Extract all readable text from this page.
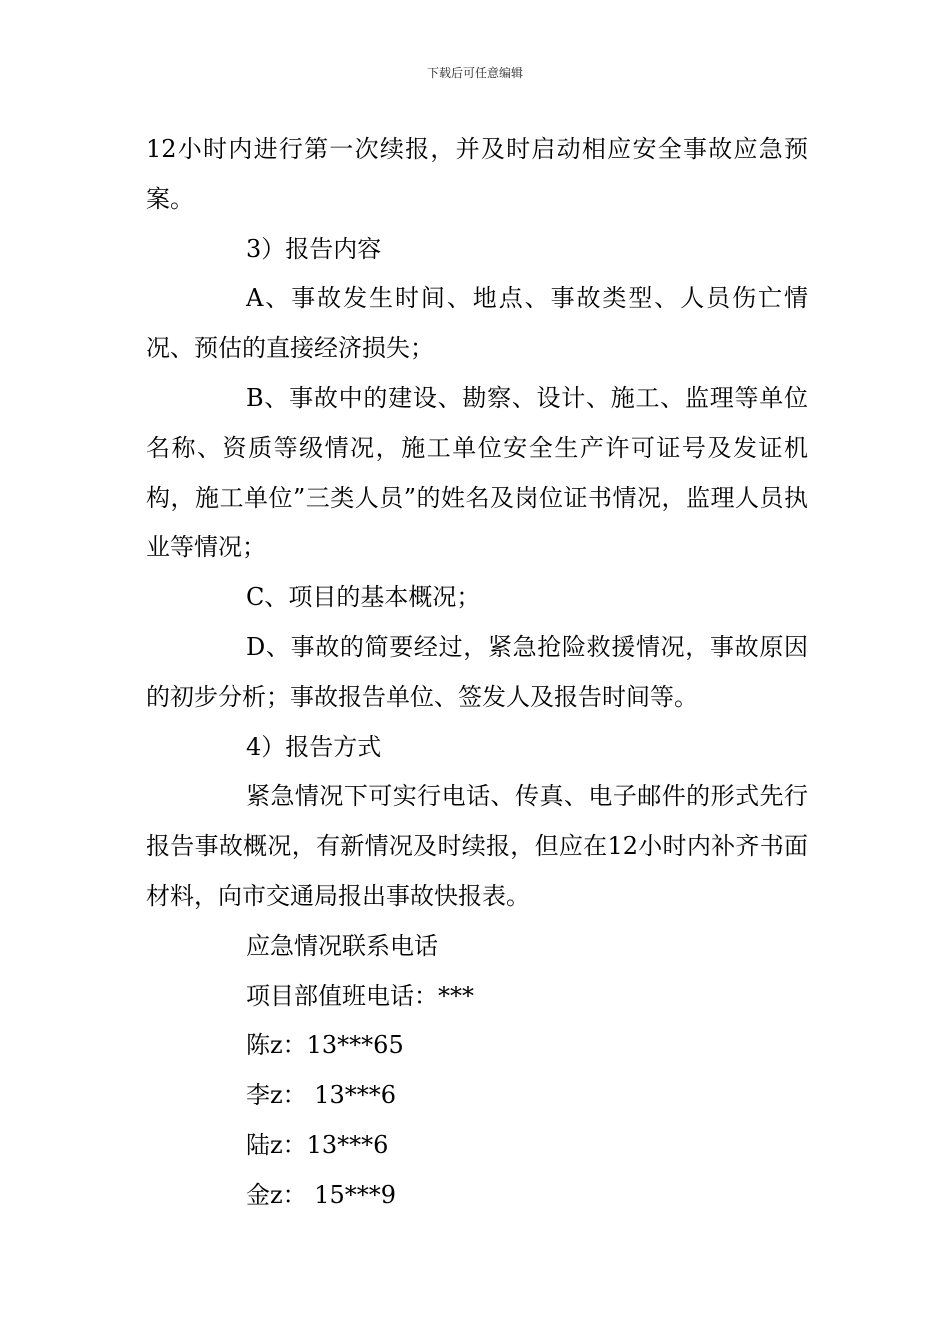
下载后可任意编辑

12小时内进行第一次续报，并及时启动相应安全事故应急预案。

3）报告内容

A、事故发生时间、地点、事故类型、人员伤亡情况、预估的直接经济损失；

B、事故中的建设、勘察、设计、施工、监理等单位名称、资质等级情况，施工单位安全生产许可证号及发证机构，施工单位”三类人员”的姓名及岗位证书情况，监理人员执业等情况；

C、项目的基本概况；

D、事故的简要经过，紧急抢险救援情况，事故原因的初步分析；事故报告单位、签发人及报告时间等。

4）报告方式

紧急情况下可实行电话、传真、电子邮件的形式先行报告事故概况，有新情况及时续报，但应在12小时内补齐书面材料，向市交通局报出事故快报表。

应急情况联系电话

项目部值班电话：***

陈z：13***65

李z： 13***6

陆z：13***6

金z： 15***9
